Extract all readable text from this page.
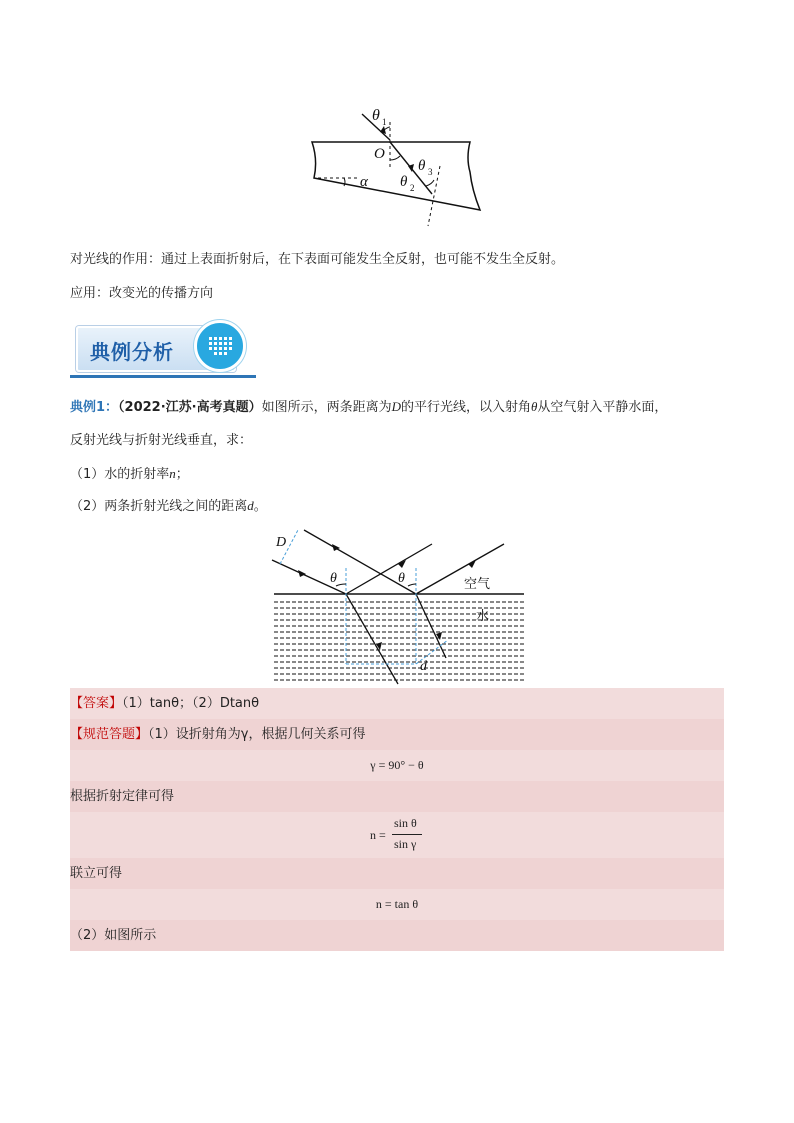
θ 1
O
θ 3
θ 2
α
对光线的作用：通过上表面折射后，在下表面可能发生全反射，也可能不发生全反射。
应用：改变光的传播方向
典例分析
典例1：（2022·江苏·高考真题）如图所示，两条距离为D的平行光线，以入射角θ从空气射入平静水面，
反射光线与折射光线垂直，求：
（1）水的折射率n；
（2）两条折射光线之间的距离d。
D
θ	θ	空气
水
d
【答案】（1）tanθ；（2）Dtanθ
【规范答题】（1）设折射角为γ，根据几何关系可得
γ = 90° − θ
根据折射定律可得
n =
sin θ
sin γ
联立可得
n = tan θ
（2）如图所示
